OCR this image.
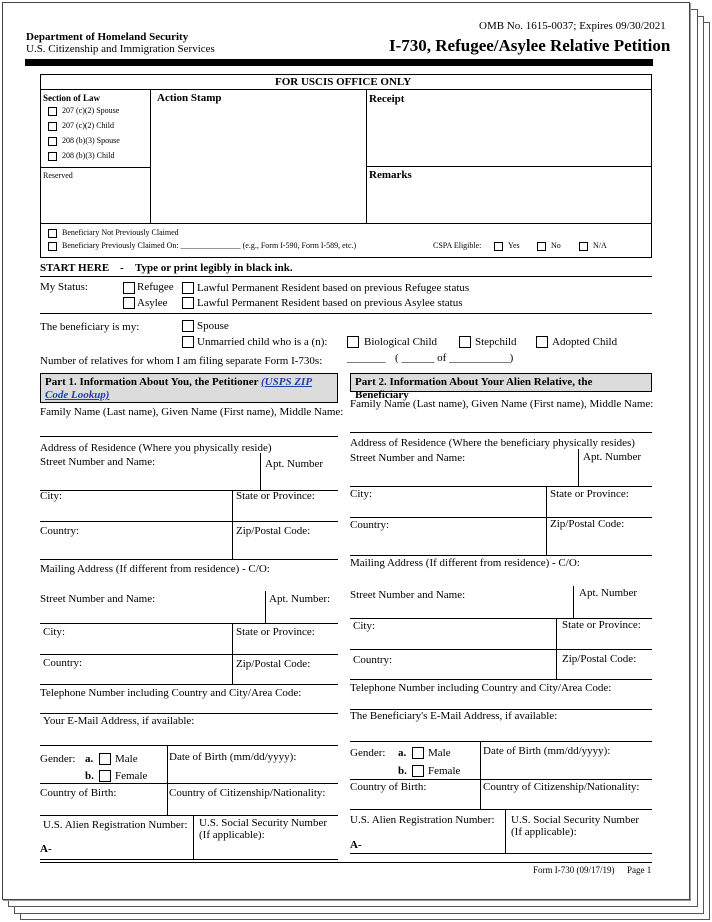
OMB No. 1615-0037; Expires 09/30/2021
Department of Homeland Security
U.S. Citizenship and Immigration Services	I-730, Refugee/Asylee Relative Petition
FOR USCIS OFFICE ONLY
Section of Law
207 (c)(2) Spouse
207 (c)(2) Child
208 (b)(3) Spouse
208 (b)(3) Child
Reserved
Action Stamp	Receipt
Remarks
Beneficiary Not Previously Claimed
Beneficiary Previously Claimed On: _______________ (e.g., Form I-590, Form I-589, etc.)	CSPA Eligible:	Yes	No	N/A
START HERE - Type or print legibly in black ink.
My Status:	Refugee Lawful Permanent Resident based on previous Refugee status
Asylee	Lawful Permanent Resident based on previous Asylee status
The beneficiary is my:	Spouse
Unmarried child who is a (n):	Biological Child	Stepchild	Adopted Child
Number of relatives for whom I am filing separate Form I-730s: _______ ( ______ of ___________)
Part 1. Information About You, the Petitioner (USPS ZIP Code Lookup)
Part 2. Information About Your Alien Relative, the Beneficiary
Family Name (Last name), Given Name (First name), Middle Name:
Address of Residence (Where you physically reside)
Street Number and Name:	Apt. Number
City:	State or Province:
Country:	Zip/Postal Code:
Mailing Address (If different from residence) - C/O:
Street Number and Name:	Apt. Number:
City:	State or Province:
Country:	Zip/Postal Code:
Telephone Number including Country and City/Area Code:
Your E-Mail Address, if available:
Gender: a. Male
b. Female
Date of Birth (mm/dd/yyyy):
Country of Birth:	Country of Citizenship/Nationality:
U.S. Alien Registration Number: U.S. Social Security Number (If applicable):
A-
Family Name (Last name), Given Name (First name), Middle Name:
Address of Residence (Where the beneficiary physically resides)
Street Number and Name:	Apt. Number
City:	State or Province:
Country:	Zip/Postal Code:
Mailing Address (If different from residence) - C/O:
Street Number and Name:	Apt. Number
City:	State or Province:
Country:	Zip/Postal Code:
Telephone Number including Country and City/Area Code:
The Beneficiary's E-Mail Address, if available:
Gender: a. Male
b. Female
Date of Birth (mm/dd/yyyy):
Country of Birth:	Country of Citizenship/Nationality:
U.S. Alien Registration Number: U.S. Social Security Number (If applicable):
A-
Form I-730 (09/17/19) Page 1
